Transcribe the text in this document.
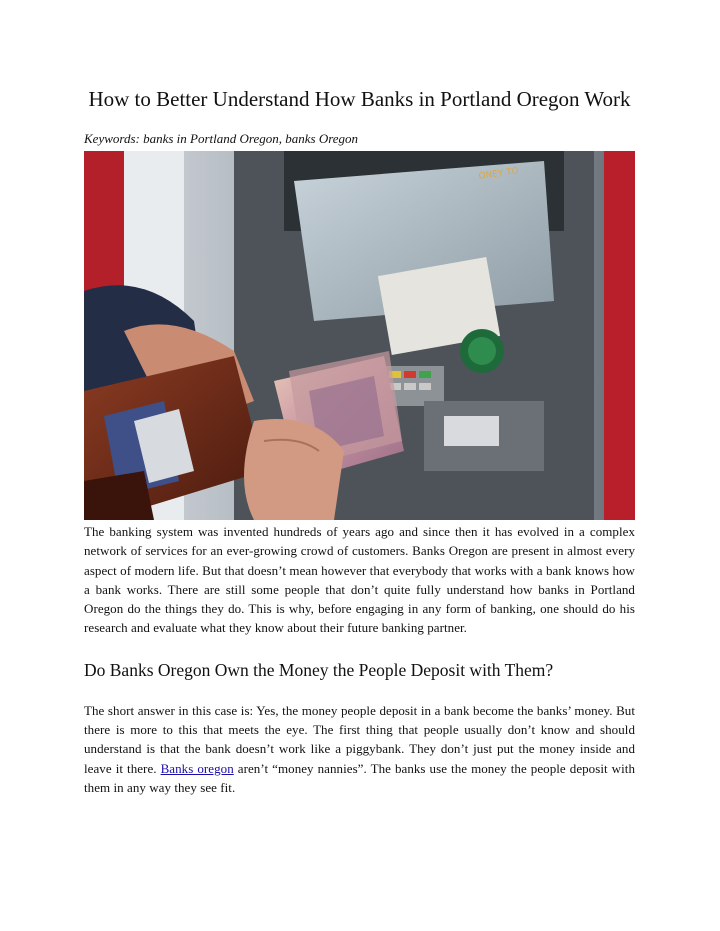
How to Better Understand How Banks in Portland Oregon Work

Keywords: banks in Portland Oregon, banks Oregon

ONEY TO

The banking system was invented hundreds of years ago and since then it has evolved in a complex network of services for an ever-growing crowd of customers. Banks Oregon are present in almost every aspect of modern life. But that doesn’t mean however that everybody that works with a bank knows how a bank works. There are still some people that don’t quite fully understand how banks in Portland Oregon do the things they do. This is why, before engaging in any form of banking, one should do his research and evaluate what they know about their future banking partner.

Do Banks Oregon Own the Money the People Deposit with Them?

The short answer in this case is: Yes, the money people deposit in a bank become the banks’ money. But there is more to this that meets the eye. The first thing that people usually don’t know and should understand is that the bank doesn’t work like a piggybank. They don’t just put the money inside and leave it there. Banks oregon aren’t “money nannies”. The banks use the money the people deposit with them in any way they see fit.
